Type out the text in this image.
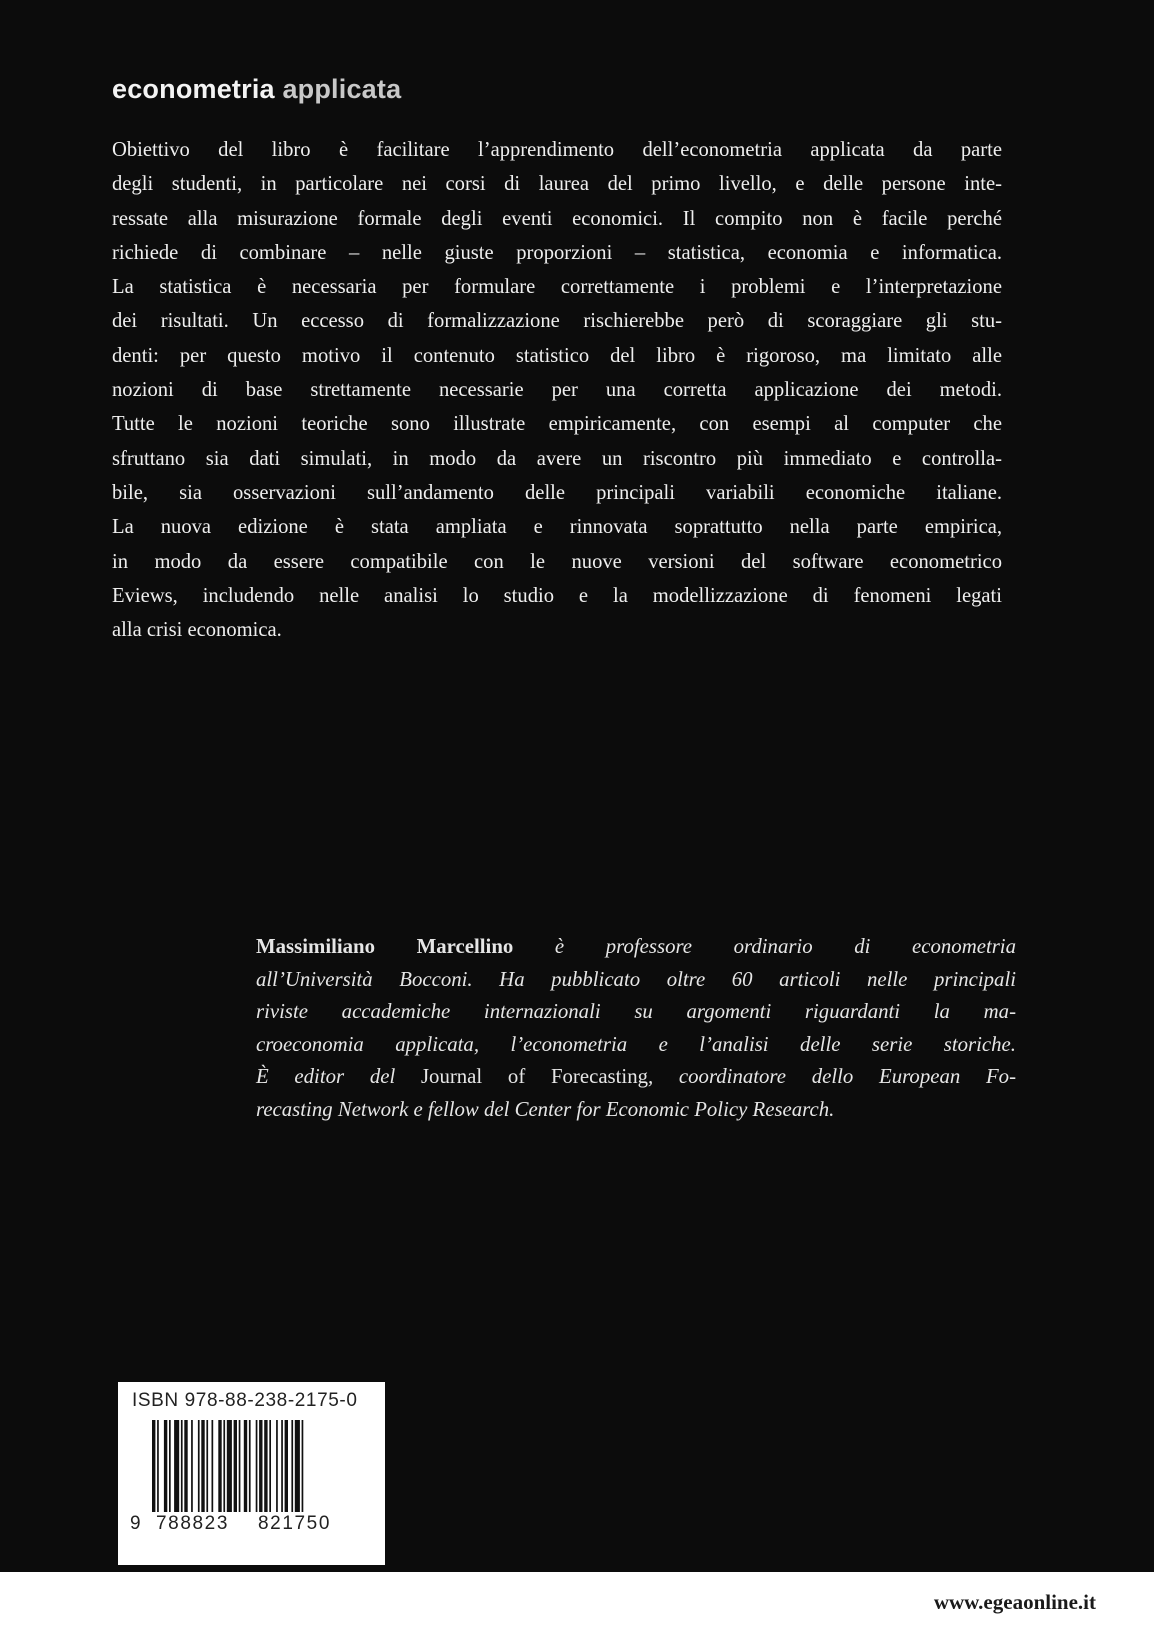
econometria applicata
Obiettivo del libro è facilitare l’apprendimento dell’econometria applicata da parte
degli studenti, in particolare nei corsi di laurea del primo livello, e delle persone inte-
ressate alla misurazione formale degli eventi economici. Il compito non è facile perché
richiede di combinare – nelle giuste proporzioni – statistica, economia e informatica.
La statistica è necessaria per formulare correttamente i problemi e l’interpretazione
dei risultati. Un eccesso di formalizzazione rischierebbe però di scoraggiare gli stu-
denti: per questo motivo il contenuto statistico del libro è rigoroso, ma limitato alle
nozioni di base strettamente necessarie per una corretta applicazione dei metodi.
Tutte le nozioni teoriche sono illustrate empiricamente, con esempi al computer che
sfruttano sia dati simulati, in modo da avere un riscontro più immediato e controlla-
bile, sia osservazioni sull’andamento delle principali variabili economiche italiane.
La nuova edizione è stata ampliata e rinnovata soprattutto nella parte empirica,
in modo da essere compatibile con le nuove versioni del software econometrico
Eviews, includendo nelle analisi lo studio e la modellizzazione di fenomeni legati
alla crisi economica.
Massimiliano Marcellino è professore ordinario di econometria
all’Università Bocconi. Ha pubblicato oltre 60 articoli nelle principali
riviste accademiche internazionali su argomenti riguardanti la ma-
croeconomia applicata, l’econometria e l’analisi delle serie storiche.
È editor del Journal of Forecasting, coordinatore dello European Fo-
recasting Network e fellow del Center for Economic Policy Research.
ISBN 978-88-238-2175-0
9 788823 821750
www.egeaonline.it
